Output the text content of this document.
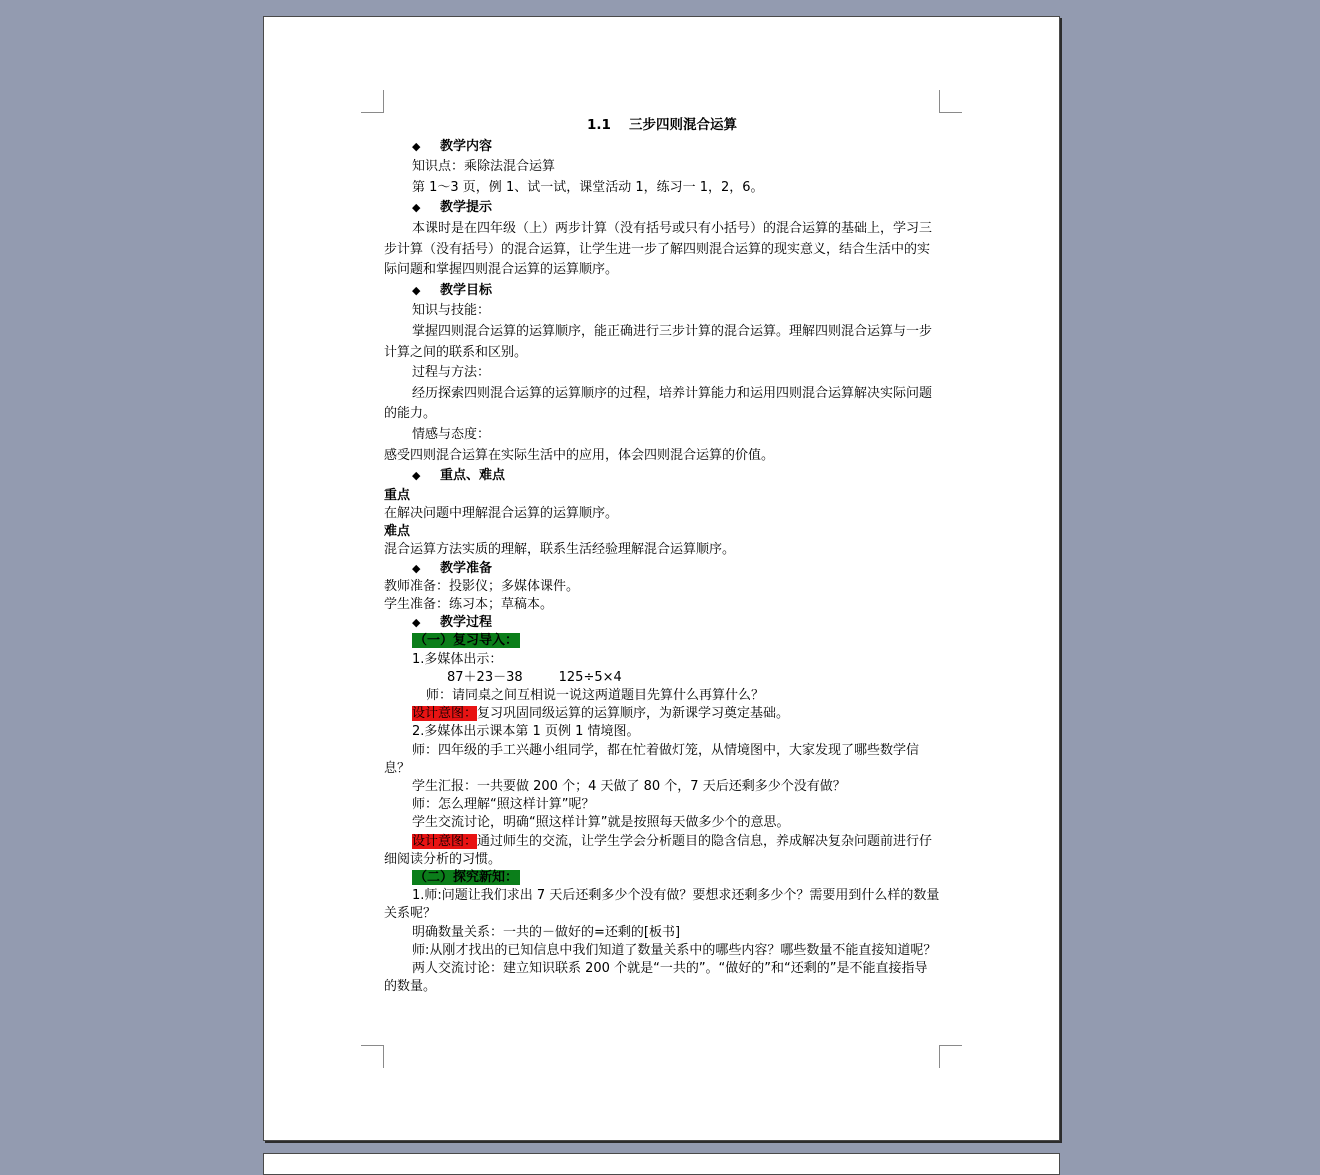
1.1 三步四则混合运算

◆ 教学内容

知识点：乘除法混合运算

第 1～3 页，例 1、试一试，课堂活动 1，练习一 1，2，6。

◆ 教学提示

本课时是在四年级（上）两步计算（没有括号或只有小括号）的混合运算的基础上，学习三步计算（没有括号）的混合运算，让学生进一步了解四则混合运算的现实意义，结合生活中的实际问题和掌握四则混合运算的运算顺序。

◆ 教学目标

知识与技能：

掌握四则混合运算的运算顺序，能正确进行三步计算的混合运算。理解四则混合运算与一步计算之间的联系和区别。

过程与方法：

经历探索四则混合运算的运算顺序的过程，培养计算能力和运用四则混合运算解决实际问题的能力。

情感与态度：

感受四则混合运算在实际生活中的应用，体会四则混合运算的价值。

◆ 重点、难点

重点

在解决问题中理解混合运算的运算顺序。

难点

混合运算方法实质的理解，联系生活经验理解混合运算顺序。

◆ 教学准备

教师准备：投影仪；多媒体课件。

学生准备：练习本；草稿本。

◆ 教学过程

（一）复习导入：

1.多媒体出示：

87＋23－38	125÷5×4

师：请同桌之间互相说一说这两道题目先算什么再算什么？

设计意图：复习巩固同级运算的运算顺序，为新课学习奠定基础。

2.多媒体出示课本第 1 页例 1 情境图。

师：四年级的手工兴趣小组同学，都在忙着做灯笼，从情境图中，大家发现了哪些数学信息？

学生汇报：一共要做 200 个；4 天做了 80 个，7 天后还剩多少个没有做？

师：怎么理解“照这样计算”呢？

学生交流讨论，明确“照这样计算”就是按照每天做多少个的意思。

设计意图：通过师生的交流，让学生学会分析题目的隐含信息，养成解决复杂问题前进行仔细阅读分析的习惯。

（二）探究新知：

1.师:问题让我们求出 7 天后还剩多少个没有做？要想求还剩多少个？需要用到什么样的数量关系呢？

明确数量关系：一共的－做好的=还剩的[板书]

师:从刚才找出的已知信息中我们知道了数量关系中的哪些内容？哪些数量不能直接知道呢？

两人交流讨论：建立知识联系 200 个就是“一共的”。“做好的”和“还剩的”是不能直接指导的数量。
